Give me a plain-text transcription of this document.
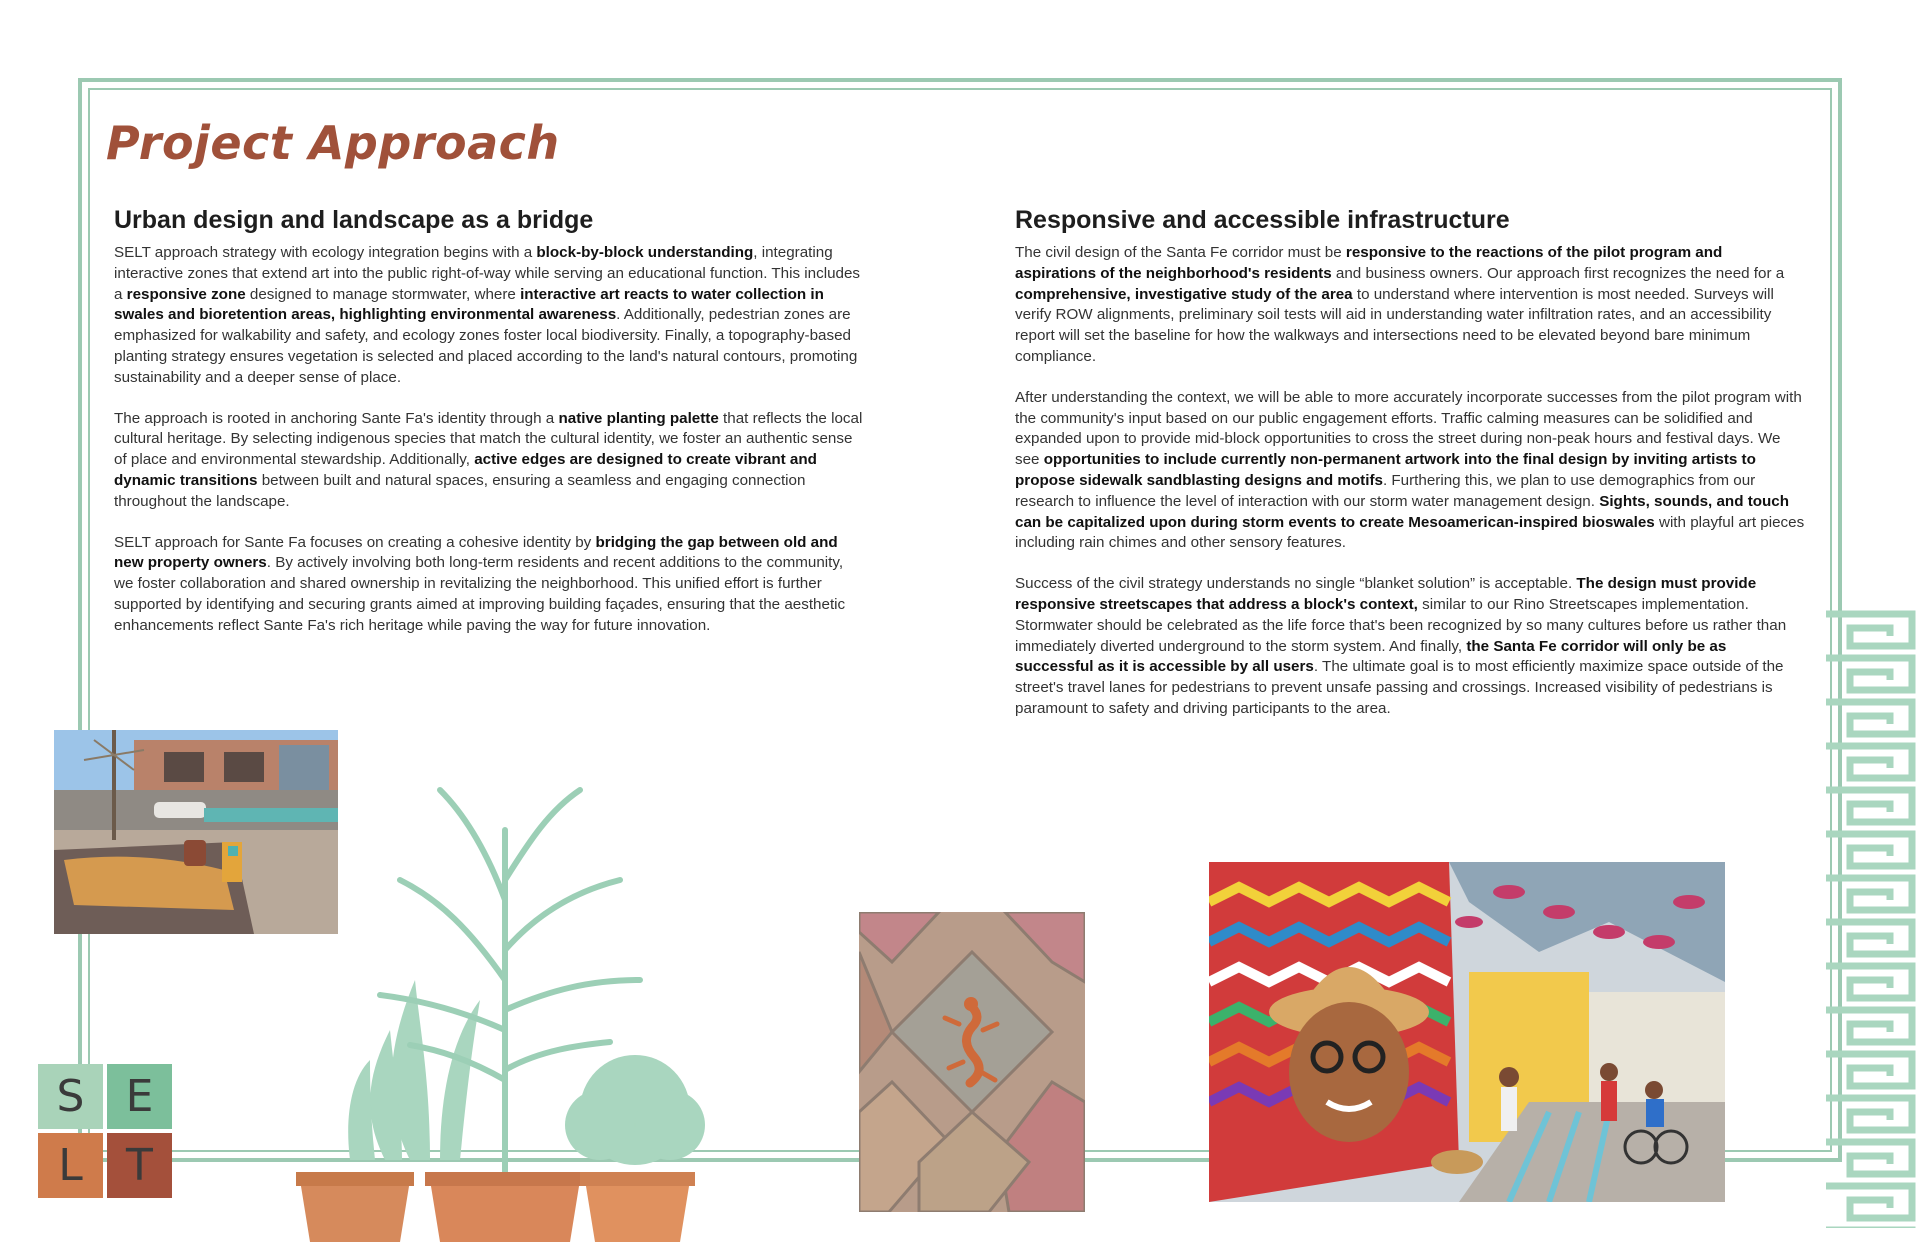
Project Approach
Urban design and landscape as a bridge

SELT approach strategy with ecology integration begins with a block-by-block understanding, integrating interactive zones that extend art into the public right-of-way while serving an educational function. This includes a responsive zone designed to manage stormwater, where interactive art reacts to water collection in swales and bioretention areas, highlighting environmental awareness. Additionally, pedestrian zones are emphasized for walkability and safety, and ecology zones foster local biodiversity. Finally, a topography-based planting strategy ensures vegetation is selected and placed according to the land's natural contours, promoting sustainability and a deeper sense of place.

The approach is rooted in anchoring Sante Fa's identity through a native planting palette that reflects the local cultural heritage. By selecting indigenous species that match the cultural identity, we foster an authentic sense of place and environmental stewardship. Additionally, active edges are designed to create vibrant and dynamic transitions between built and natural spaces, ensuring a seamless and engaging connection throughout the landscape.

SELT approach for Sante Fa focuses on creating a cohesive identity by bridging the gap between old and new property owners. By actively involving both long-term residents and recent additions to the community, we foster collaboration and shared ownership in revitalizing the neighborhood. This unified effort is further supported by identifying and securing grants aimed at improving building façades, ensuring that the aesthetic enhancements reflect Sante Fa's rich heritage while paving the way for future innovation.

Responsive and accessible infrastructure

The civil design of the Santa Fe corridor must be responsive to the reactions of the pilot program and aspirations of the neighborhood's residents and business owners. Our approach first recognizes the need for a comprehensive, investigative study of the area to understand where intervention is most needed. Surveys will verify ROW alignments, preliminary soil tests will aid in understanding water infiltration rates, and an accessibility report will set the baseline for how the walkways and intersections need to be elevated beyond bare minimum compliance.

After understanding the context, we will be able to more accurately incorporate successes from the pilot program with the community's input based on our public engagement efforts. Traffic calming measures can be solidified and expanded upon to provide mid-block opportunities to cross the street during non-peak hours and festival days. We see opportunities to include currently non-permanent artwork into the final design by inviting artists to propose sidewalk sandblasting designs and motifs. Furthering this, we plan to use demographics from our research to influence the level of interaction with our storm water management design. Sights, sounds, and touch can be capitalized upon during storm events to create Mesoamerican-inspired bioswales with playful art pieces including rain chimes and other sensory features.

Success of the civil strategy understands no single “blanket solution” is acceptable. The design must provide responsive streetscapes that address a block's context, similar to our Rino Streetscapes implementation. Stormwater should be celebrated as the life force that's been recognized by so many cultures before us rather than immediately diverted underground to the storm system. And finally, the Santa Fe corridor will only be as successful as it is accessible by all users. The ultimate goal is to most efficiently maximize space outside of the street's travel lanes for pedestrians to prevent unsafe passing and crossings. Increased visibility of pedestrians is paramount to safety and driving participants to the area.

S E
L T
